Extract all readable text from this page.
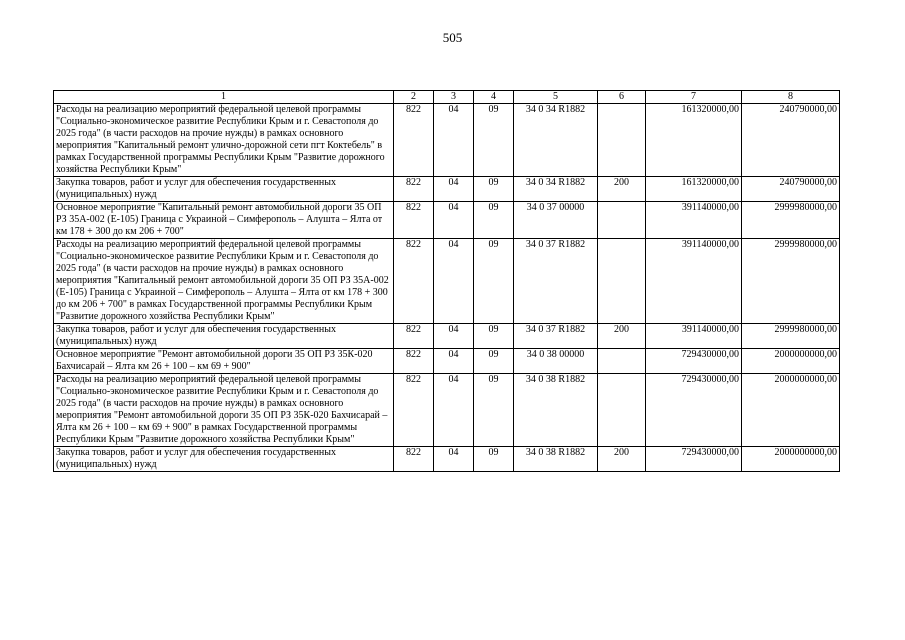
505
1	2	3	4	5	6	7	8
Расходы на реализацию мероприятий федеральной целевой программы "Социально-экономическое развитие Республики Крым и г. Севастополя до 2025 года" (в части расходов на прочие нужды) в рамках основного мероприятия "Капитальный ремонт улично-дорожной сети пгт Коктебель" в рамках Государственной программы Республики Крым "Развитие дорожного хозяйства Республики Крым"	822	04	09	34 0 34 R1882		161320000,00	240790000,00
Закупка товаров, работ и услуг для обеспечения государственных (муниципальных) нужд	822	04	09	34 0 34 R1882	200	161320000,00	240790000,00
Основное мероприятие "Капитальный ремонт автомобильной дороги 35 ОП РЗ 35А-002 (Е-105) Граница с Украиной – Симферополь – Алушта – Ялта от км 178 + 300 до км 206 + 700"	822	04	09	34 0 37 00000		391140000,00	2999980000,00
Расходы на реализацию мероприятий федеральной целевой программы "Социально-экономическое развитие Республики Крым и г. Севастополя до 2025 года" (в части расходов на прочие нужды) в рамках основного мероприятия "Капитальный ремонт автомобильной дороги 35 ОП РЗ 35А-002 (Е-105) Граница с Украиной – Симферополь – Алушта – Ялта от км 178 + 300 до км 206 + 700" в рамках Государственной программы Республики Крым "Развитие дорожного хозяйства Республики Крым"	822	04	09	34 0 37 R1882		391140000,00	2999980000,00
Закупка товаров, работ и услуг для обеспечения государственных (муниципальных) нужд	822	04	09	34 0 37 R1882	200	391140000,00	2999980000,00
Основное мероприятие "Ремонт автомобильной дороги 35 ОП РЗ 35К-020 Бахчисарай – Ялта км 26 + 100 – км 69 + 900"	822	04	09	34 0 38 00000		729430000,00	2000000000,00
Расходы на реализацию мероприятий федеральной целевой программы "Социально-экономическое развитие Республики Крым и г. Севастополя до 2025 года" (в части расходов на прочие нужды) в рамках основного мероприятия "Ремонт автомобильной дороги 35 ОП РЗ 35К-020 Бахчисарай – Ялта км 26 + 100 – км 69 + 900" в рамках Государственной программы Республики Крым "Развитие дорожного хозяйства Республики Крым"	822	04	09	34 0 38 R1882		729430000,00	2000000000,00
Закупка товаров, работ и услуг для обеспечения государственных (муниципальных) нужд	822	04	09	34 0 38 R1882	200	729430000,00	2000000000,00
